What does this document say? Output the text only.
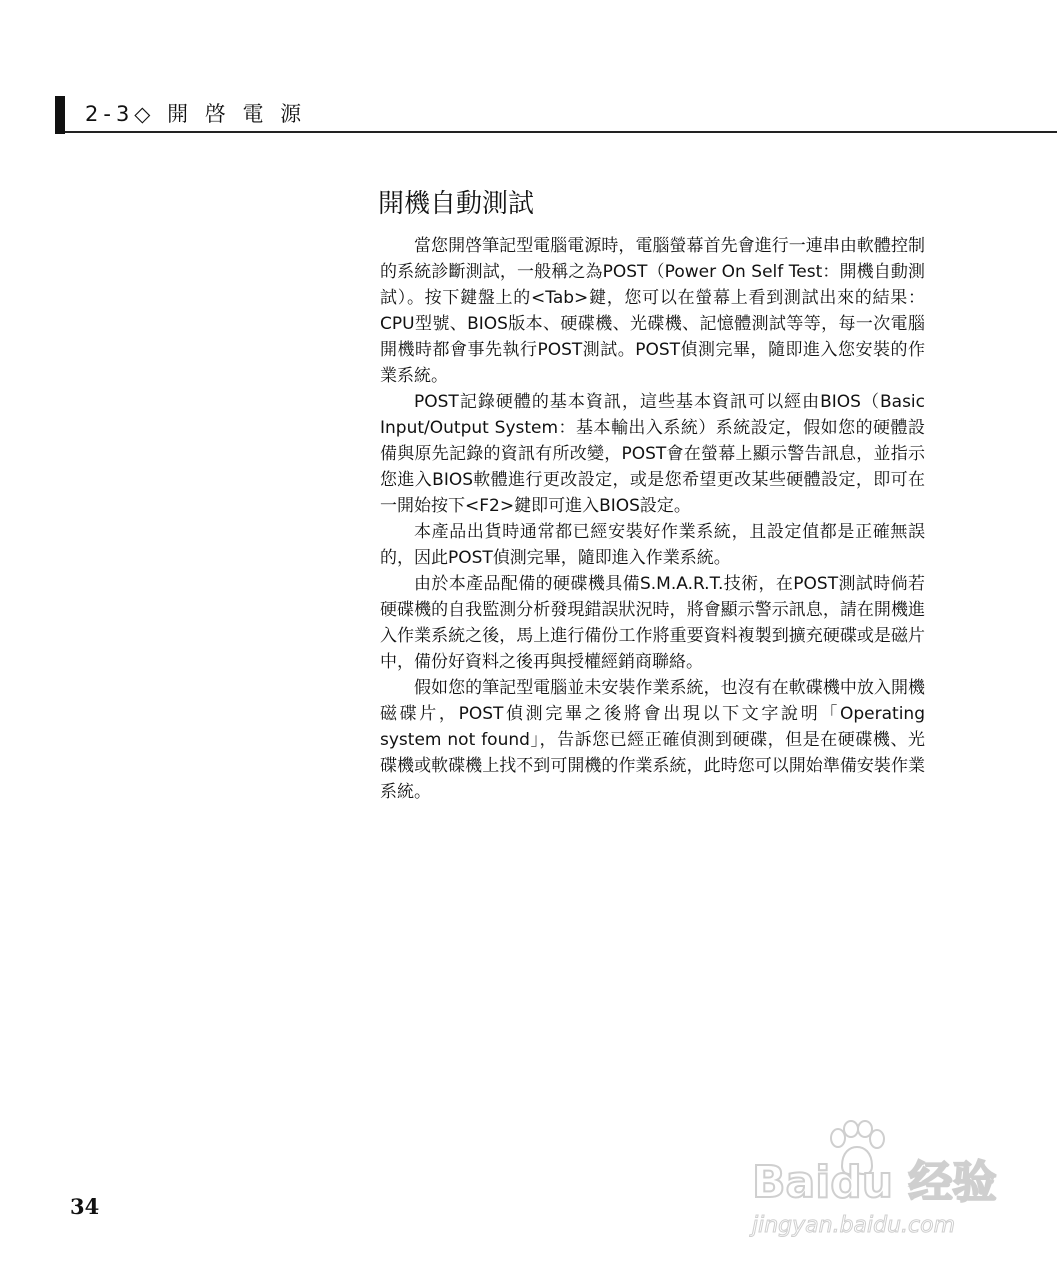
2-3◇ 開 啓 電 源
開機自動測試

當您開啓筆記型電腦電源時，電腦螢幕首先會進行一連串由軟體控制的系統診斷測試，一般稱之為POST（Power On Self Test：開機自動測試）。按下鍵盤上的<Tab>鍵，您可以在螢幕上看到測試出來的結果：CPU型號、BIOS版本、硬碟機、光碟機、記憶體測試等等，每一次電腦開機時都會事先執行POST測試。POST偵測完畢，隨即進入您安裝的作業系統。

POST記錄硬體的基本資訊，這些基本資訊可以經由BIOS（Basic Input/Output System：基本輸出入系統）系統設定，假如您的硬體設備與原先記錄的資訊有所改變，POST會在螢幕上顯示警告訊息，並指示您進入BIOS軟體進行更改設定，或是您希望更改某些硬體設定，即可在一開始按下<F2>鍵即可進入BIOS設定。

本產品出貨時通常都已經安裝好作業系統，且設定值都是正確無誤的，因此POST偵測完畢，隨即進入作業系統。

由於本產品配備的硬碟機具備S.M.A.R.T.技術，在POST測試時倘若硬碟機的自我監測分析發現錯誤狀況時，將會顯示警示訊息，請在開機進入作業系統之後，馬上進行備份工作將重要資料複製到擴充硬碟或是磁片中，備份好資料之後再與授權經銷商聯絡。

假如您的筆記型電腦並未安裝作業系統，也沒有在軟碟機中放入開機磁碟片，POST偵測完畢之後將會出現以下文字說明「Operating system not found」，告訴您已經正確偵測到硬碟，但是在硬碟機、光碟機或軟碟機上找不到可開機的作業系統，此時您可以開始準備安裝作業系統。

34	Baidu 经验
jingyan.baidu.com
